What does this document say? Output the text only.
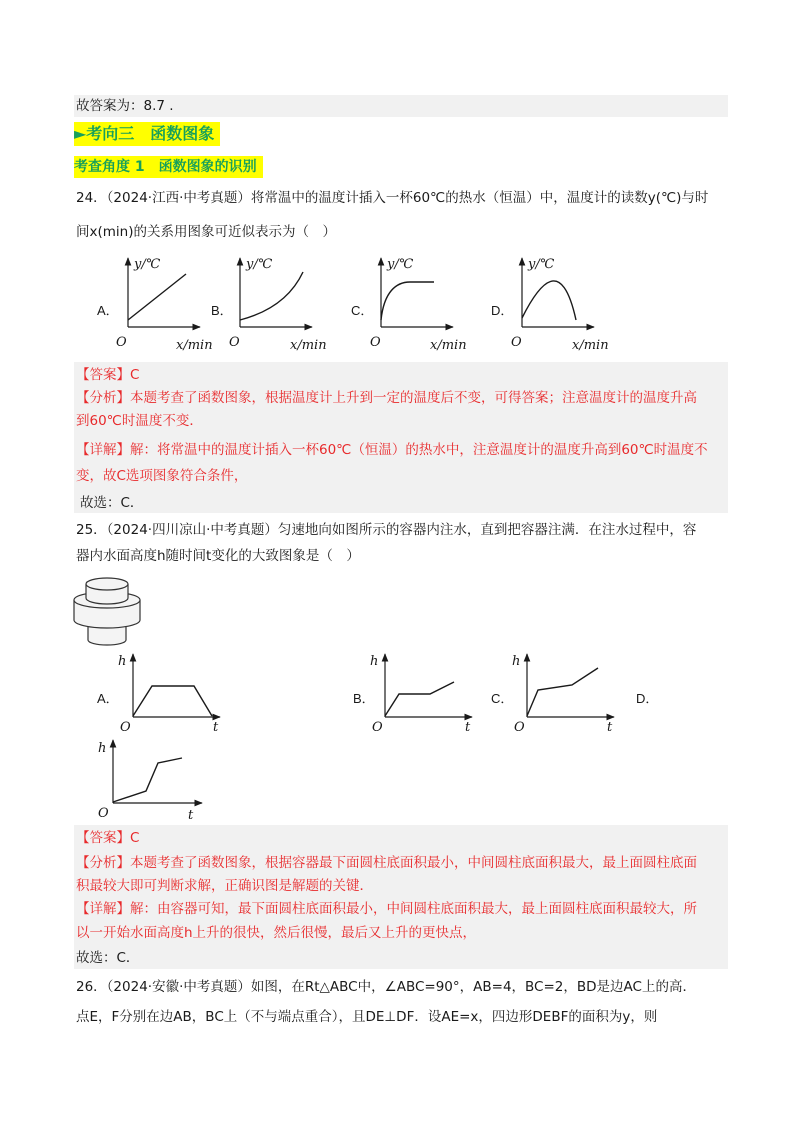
故答案为：8.7 .
►考向三　函数图象
考查角度 1　函数图象的识别
24．（2024·江西·中考真题）将常温中的温度计插入一杯60℃的热水（恒温）中，温度计的读数y(℃)与时
间x(min)的关系用图象可近似表示为（　）
A．	B．	C．	D．
y/℃
x/min
O
y/℃
x/min
O
y/℃
x/min
O
y/℃
x/min
O
【答案】C
【分析】本题考查了函数图象，根据温度计上升到一定的温度后不变，可得答案；注意温度计的温度升高
到60℃时温度不变．
【详解】解：将常温中的温度计插入一杯60℃（恒温）的热水中，注意温度计的温度升高到60℃时温度不
变，故C选项图象符合条件，
故选：C．
25．（2024·四川凉山·中考真题）匀速地向如图所示的容器内注水，直到把容器注满．在注水过程中，容
器内水面高度h随时间t变化的大致图象是（　）
A．	B．	C．	D．
h
t
O
h
t
O
h
t
O
h
t
O
【答案】C
【分析】本题考查了函数图象，根据容器最下面圆柱底面积最小，中间圆柱底面积最大，最上面圆柱底面
积最较大即可判断求解，正确识图是解题的关键．
【详解】解：由容器可知，最下面圆柱底面积最小，中间圆柱底面积最大，最上面圆柱底面积最较大，所
以一开始水面高度h上升的很快，然后很慢，最后又上升的更快点，
故选：C．
26．（2024·安徽·中考真题）如图，在Rt△ABC中，∠ABC=90°，AB=4，BC=2，BD是边AC上的高．
点E，F分别在边AB，BC上（不与端点重合），且DE⊥DF．设AE=x，四边形DEBF的面积为y，则
